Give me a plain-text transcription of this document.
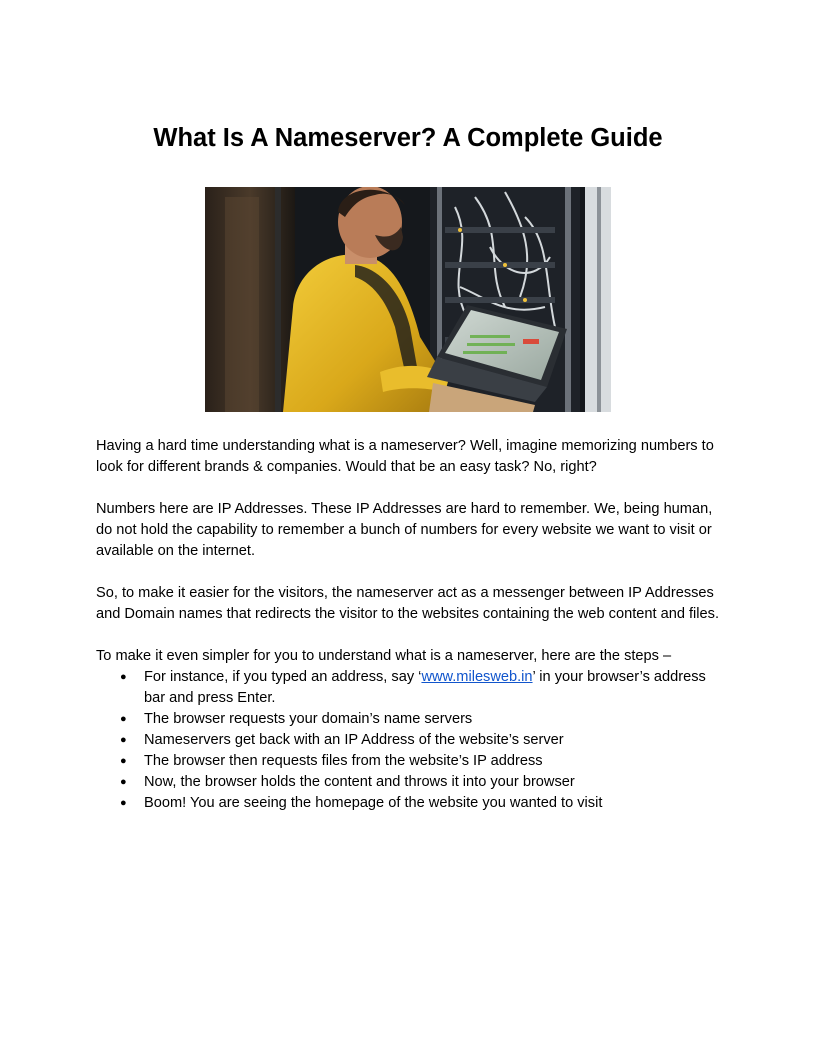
What Is A Nameserver? A Complete Guide

Having a hard time understanding what is a nameserver? Well, imagine memorizing numbers to look for different brands & companies. Would that be an easy task? No, right?

Numbers here are IP Addresses. These IP Addresses are hard to remember. We, being human, do not hold the capability to remember a bunch of numbers for every website we want to visit or available on the internet.

So, to make it easier for the visitors, the nameserver act as a messenger between IP Addresses and Domain names that redirects the visitor to the websites containing the web content and files.

To make it even simpler for you to understand what is a nameserver, here are the steps –

● For instance, if you typed an address, say ‘www.milesweb.in’ in your browser’s address bar and press Enter.
● The browser requests your domain’s name servers
● Nameservers get back with an IP Address of the website’s server
● The browser then requests files from the website’s IP address
● Now, the browser holds the content and throws it into your browser
● Boom! You are seeing the homepage of the website you wanted to visit
